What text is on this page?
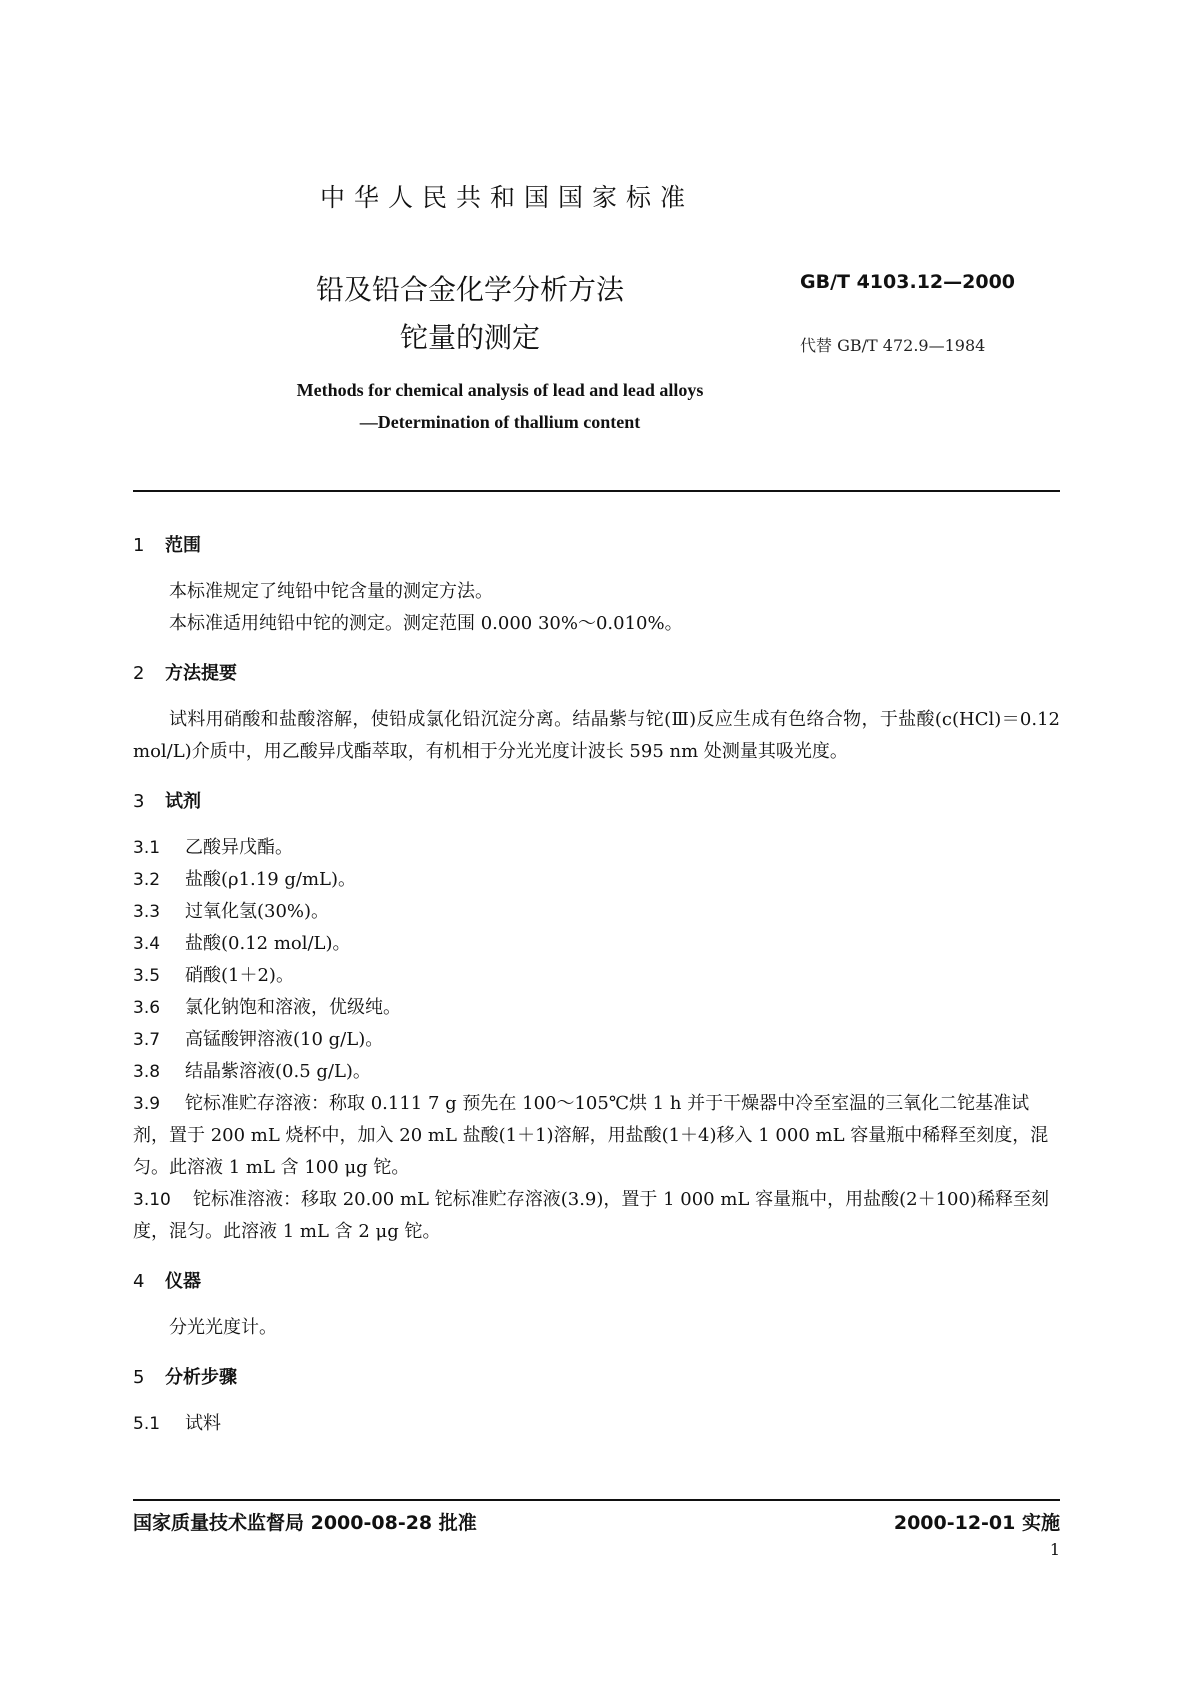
中华人民共和国国家标准
铅及铅合金化学分析方法
铊量的测定
GB/T 4103.12—2000
代替 GB/T 472.9—1984
Methods for chemical analysis of lead and lead alloys
—Determination of thallium content

1 范围

本标准规定了纯铅中铊含量的测定方法。

本标准适用纯铅中铊的测定。测定范围 0.000 30%～0.010%。

2 方法提要

试料用硝酸和盐酸溶解，使铅成氯化铅沉淀分离。结晶紫与铊(Ⅲ)反应生成有色络合物，于盐酸(c(HCl)＝0.12 mol/L)介质中，用乙酸异戊酯萃取，有机相于分光光度计波长 595 nm 处测量其吸光度。

3 试剂

3.1 乙酸异戊酯。

3.2 盐酸(ρ1.19 g/mL)。

3.3 过氧化氢(30%)。

3.4 盐酸(0.12 mol/L)。

3.5 硝酸(1＋2)。

3.6 氯化钠饱和溶液，优级纯。

3.7 高锰酸钾溶液(10 g/L)。

3.8 结晶紫溶液(0.5 g/L)。

3.9 铊标准贮存溶液：称取 0.111 7 g 预先在 100～105℃烘 1 h 并于干燥器中冷至室温的三氧化二铊基准试剂，置于 200 mL 烧杯中，加入 20 mL 盐酸(1＋1)溶解，用盐酸(1＋4)移入 1 000 mL 容量瓶中稀释至刻度，混匀。此溶液 1 mL 含 100 μg 铊。

3.10 铊标准溶液：移取 20.00 mL 铊标准贮存溶液(3.9)，置于 1 000 mL 容量瓶中，用盐酸(2＋100)稀释至刻度，混匀。此溶液 1 mL 含 2 μg 铊。

4 仪器

分光光度计。

5 分析步骤

5.1 试料

国家质量技术监督局 2000-08-28 批准	2000-12-01 实施
1
